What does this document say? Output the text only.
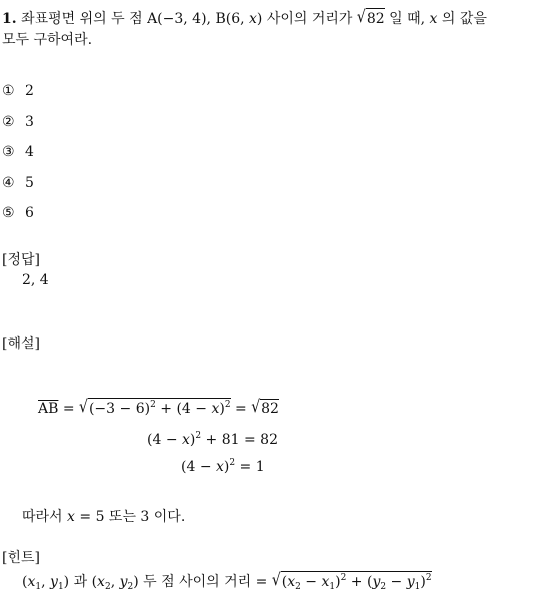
1. 좌표평면 위의 두 점 A(−3, 4), B(6, x) 사이의 거리가 √82 일 때, x 의 값을
모두 구하여라.
① 2
② 3
③ 4
④ 5
⑤ 6
[정답]
2, 4
[해설]
$\overline{AB} = √(-3 - 6)^2 + (4 - x)^2 = √82$
$(4 - x)^2 + 81 = 82$
$(4 - x)^2 = 1$
따라서 x = 5 또는 3 이다.
[힌트]
($x_1$, $y_1$) 과 ($x_2$, $y_2$) 두 점 사이의 거리 = $√(x_2 - x_1)^2 + (y_2 - y_1)^2$
